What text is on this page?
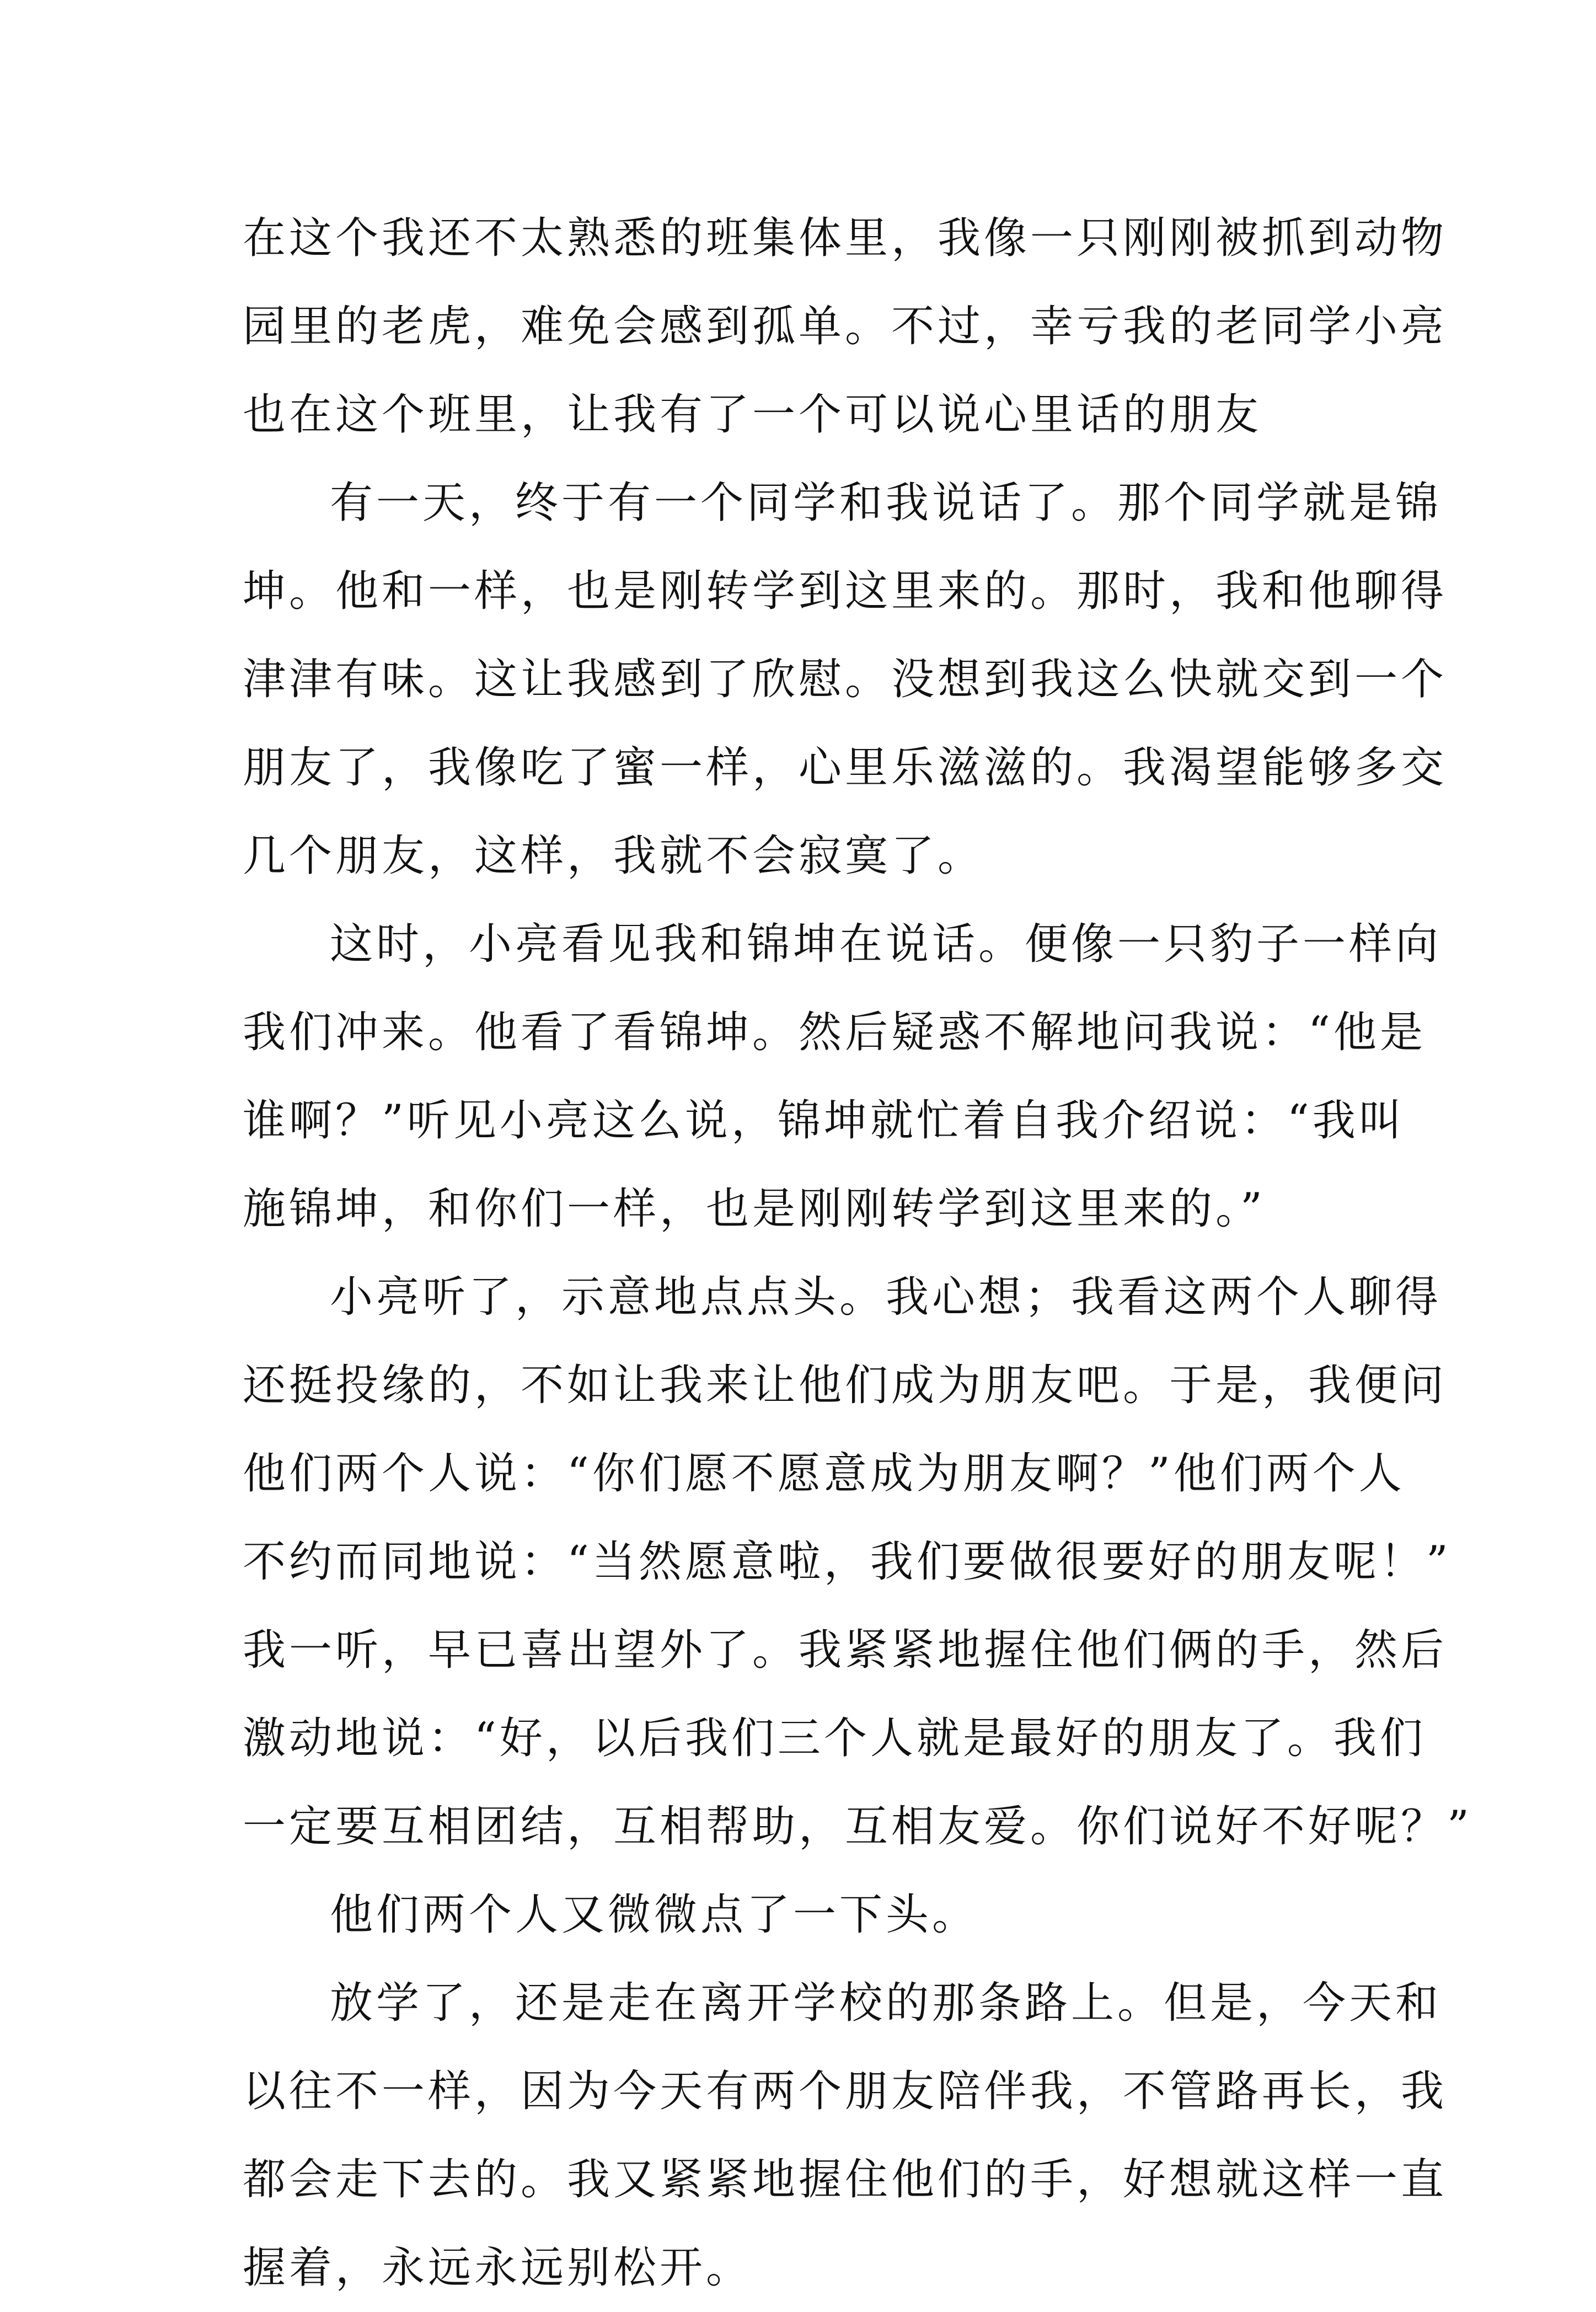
在这个我还不太熟悉的班集体里，我像一只刚刚被抓到动物
园里的老虎，难免会感到孤单。不过，幸亏我的老同学小亮
也在这个班里，让我有了一个可以说心里话的朋友
有一天，终于有一个同学和我说话了。那个同学就是锦
坤。他和一样，也是刚转学到这里来的。那时，我和他聊得
津津有味。这让我感到了欣慰。没想到我这么快就交到一个
朋友了，我像吃了蜜一样，心里乐滋滋的。我渴望能够多交
几个朋友，这样，我就不会寂寞了。
这时，小亮看见我和锦坤在说话。便像一只豹子一样向
我们冲来。他看了看锦坤。然后疑惑不解地问我说：“他是
谁啊？”听见小亮这么说，锦坤就忙着自我介绍说：“我叫
施锦坤，和你们一样，也是刚刚转学到这里来的。”
小亮听了，示意地点点头。我心想；我看这两个人聊得
还挺投缘的，不如让我来让他们成为朋友吧。于是，我便问
他们两个人说：“你们愿不愿意成为朋友啊？”他们两个人
不约而同地说：“当然愿意啦，我们要做很要好的朋友呢！”
我一听，早已喜出望外了。我紧紧地握住他们俩的手，然后
激动地说：“好，以后我们三个人就是最好的朋友了。我们
一定要互相团结，互相帮助，互相友爱。你们说好不好呢？”
他们两个人又微微点了一下头。
放学了，还是走在离开学校的那条路上。但是，今天和
以往不一样，因为今天有两个朋友陪伴我，不管路再长，我
都会走下去的。我又紧紧地握住他们的手，好想就这样一直
握着，永远永远别松开。
